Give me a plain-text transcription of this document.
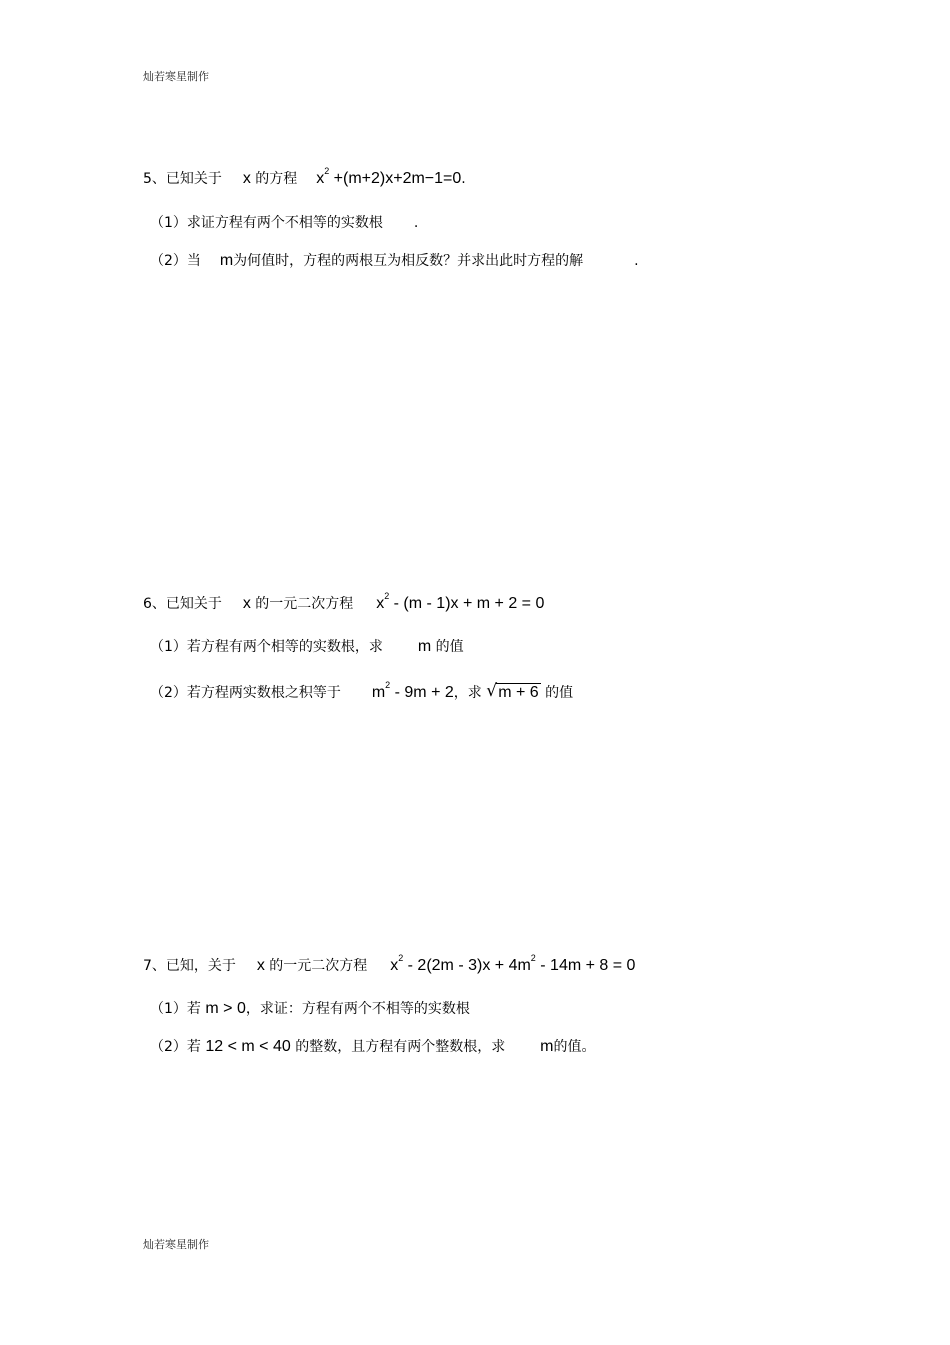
灿若寒星制作
5、已知关于 x 的方程 $x^2 +(m+2)x+2m-1=0$.
（1）求证方程有两个不相等的实数根 .
（2）当 m为何值时，方程的两根互为相反数？并求出此时方程的解	.
6、已知关于 x 的一元二次方程 $x^2 - (m - 1)x + m + 2 = 0$
（1）若方程有两个相等的实数根，求 m 的值
（2）若方程两实数根之积等于 $m^2 - 9m + 2$，求 √ m + 6 的值
7、已知，关于 x 的一元二次方程 $x^2 - 2(2m - 3)x + 4m^2 - 14m + 8 = 0$
（1）若 m > 0，求证：方程有两个不相等的实数根
（2）若 12 < m < 40 的整数，且方程有两个整数根，求 m的值。
灿若寒星制作
